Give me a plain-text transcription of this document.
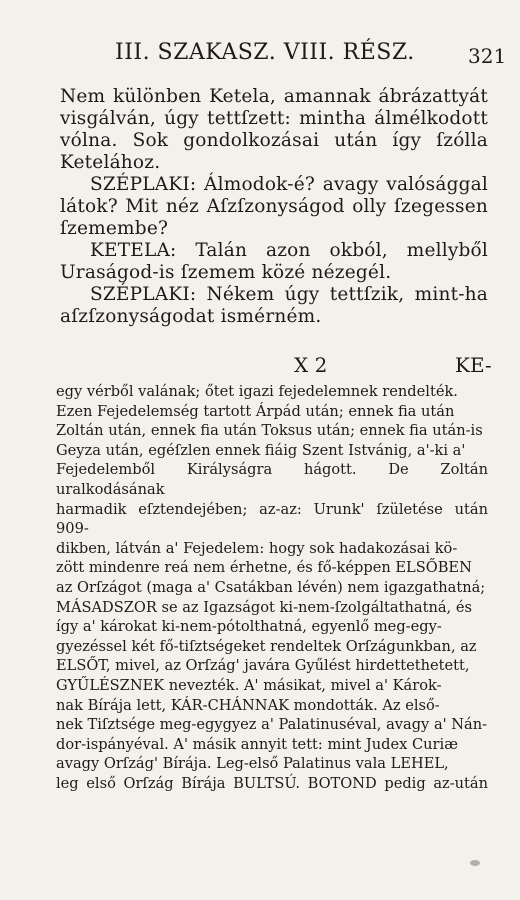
III. SZAKASZ. VIII. RÉSZ.	321

Nem különben Ketela, amannak ábrázattyát visgálván, úgy tettſzett: mintha álmélkodott vólna. Sok gondolkozásai után így ſzólla Ketelához.

SZÉPLAKI: Álmodok-é? avagy valósággal látok? Mit néz Aſzſzonyságod olly ſzegessen ſzemembe?

KETELA: Talán azon okból, mellyből Uraságod-is ſzemem közé nézegél.

SZÉPLAKI: Nékem úgy tettſzik, mint-ha aſzſzonyságodat ismérném.

X 2	KE-
egy vérből valának; őtet igazi fejedelemnek rendelték.
Ezen Fejedelemség tartott Árpád után; ennek fia után
Zoltán után, ennek fia után Toksus után; ennek fia után-is
Geyza után, egéſzlen ennek fiáig Szent Istvánig, a'-ki a'
Fejedelemből Királyságra hágott. De Zoltán uralkodásának
harmadik eſztendejében; az-az: Urunk' ſzületése után 909-
dikben, látván a' Fejedelem: hogy sok hadakozásai kö-
zött mindenre reá nem érhetne, és fő-képpen ELSŐBEN
az Orſzágot (maga a' Csatákban lévén) nem igazgathatná;
MÁSADSZOR se az Igazságot ki-nem-ſzolgáltathatná, és
így a' károkat ki-nem-pótolthatná, egyenlő meg-egy-
gyezéssel két fő-tiſztségeket rendeltek Orſzágunkban, az
ELSŐT, mivel, az Orſzág' javára Gyűlést hirdettethetett,
GYŰLÉSZNEK nevezték. A' másikat, mivel a' Károk-
nak Bírája lett, KÁR-CHÁNNAK mondották. Az első-
nek Tiſztsége meg-egygyez a' Palatinuséval, avagy a' Nán-
dor-ispányéval. A' másik annyit tett: mint Judex Curiæ
avagy Orſzág' Bírája. Leg-első Palatinus vala LEHEL,
leg első Orſzág Bírája BULTSÚ. BOTOND pedig az-után
